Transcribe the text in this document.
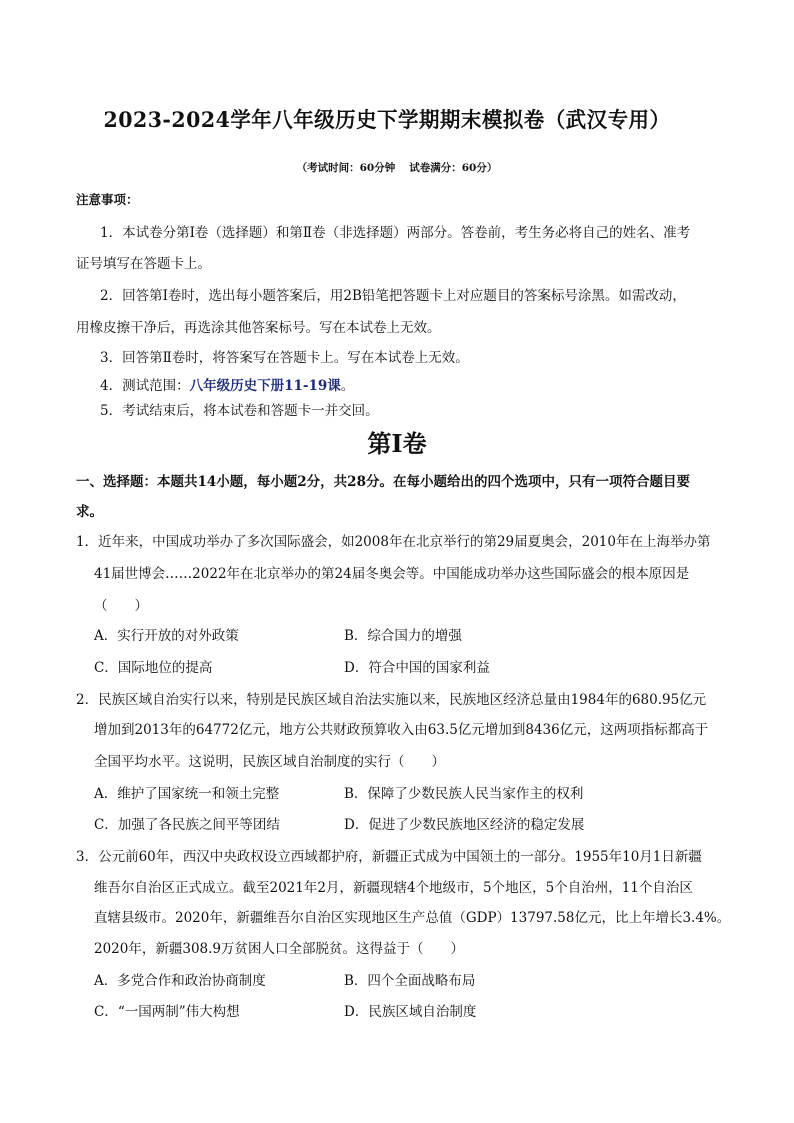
2023-2024学年八年级历史下学期期末模拟卷（武汉专用）
（考试时间：60分钟 试卷满分：60分）
注意事项：
1．本试卷分第Ⅰ卷（选择题）和第Ⅱ卷（非选择题）两部分。答卷前，考生务必将自己的姓名、准考
证号填写在答题卡上。
2．回答第Ⅰ卷时，选出每小题答案后，用2B铅笔把答题卡上对应题目的答案标号涂黑。如需改动，
用橡皮擦干净后，再选涂其他答案标号。写在本试卷上无效。
3．回答第Ⅱ卷时，将答案写在答题卡上。写在本试卷上无效。
4．测试范围：八年级历史下册11-19课。
5．考试结束后，将本试卷和答题卡一并交回。
第Ⅰ卷
一、选择题：本题共14小题，每小题2分，共28分。在每小题给出的四个选项中，只有一项符合题目要
求。
1．近年来，中国成功举办了多次国际盛会，如2008年在北京举行的第29届夏奥会，2010年在上海举办第
41届世博会……2022年在北京举办的第24届冬奥会等。中国能成功举办这些国际盛会的根本原因是
（　　）
A．实行开放的对外政策	B．综合国力的增强
C．国际地位的提高	D．符合中国的国家利益
2．民族区域自治实行以来，特别是民族区域自治法实施以来，民族地区经济总量由1984年的680.95亿元
增加到2013年的64772亿元，地方公共财政预算收入由63.5亿元增加到8436亿元，这两项指标都高于
全国平均水平。这说明，民族区域自治制度的实行（　　）
A．维护了国家统一和领土完整	B．保障了少数民族人民当家作主的权利
C．加强了各民族之间平等团结	D．促进了少数民族地区经济的稳定发展
3．公元前60年，西汉中央政权设立西域都护府，新疆正式成为中国领土的一部分。1955年10月1日新疆
维吾尔自治区正式成立。截至2021年2月，新疆现辖4个地级市，5个地区，5个自治州，11个自治区
直辖县级市。2020年，新疆维吾尔自治区实现地区生产总值（GDP）13797.58亿元，比上年增长3.4%。
2020年，新疆308.9万贫困人口全部脱贫。这得益于（　　）
A．多党合作和政治协商制度	B．四个全面战略布局
C．“一国两制”伟大构想	D．民族区域自治制度
